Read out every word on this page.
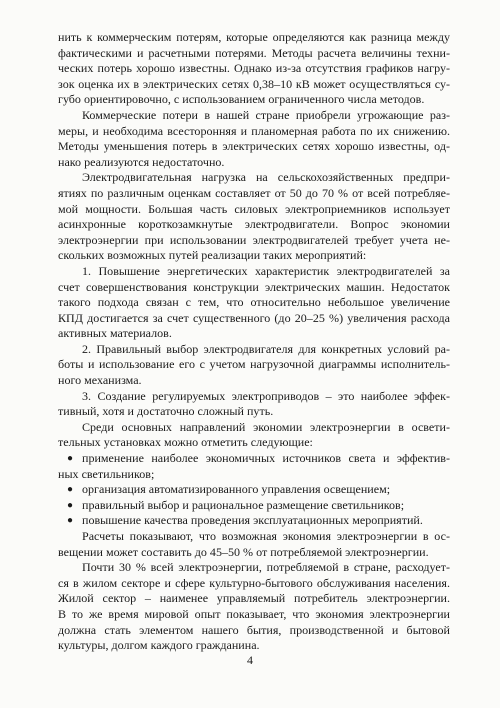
нить к коммерческим потерям, которые определяются как разница между
фактическими и расчетными потерями. Методы расчета величины техни-
ческих потерь хорошо известны. Однако из-за отсутствия графиков нагру-
зок оценка их в электрических сетях 0,38–10 кВ может осуществляться су-
губо ориентировочно, с использованием ограниченного числа методов.
Коммерческие потери в нашей стране приобрели угрожающие раз-
меры, и необходима всесторонняя и планомерная работа по их снижению.
Методы уменьшения потерь в электрических сетях хорошо известны, од-
нако реализуются недостаточно.
Электродвигательная нагрузка на сельскохозяйственных предпри-
ятиях по различным оценкам составляет от 50 до 70 % от всей потребляе-
мой мощности. Большая часть силовых электроприемников использует
асинхронные короткозамкнутые электродвигатели. Вопрос экономии
электроэнергии при использовании электродвигателей требует учета не-
скольких возможных путей реализации таких мероприятий:
1. Повышение энергетических характеристик электродвигателей за
счет совершенствования конструкции электрических машин. Недостаток
такого подхода связан с тем, что относительно небольшое увеличение
КПД достигается за счет существенного (до 20–25 %) увеличения расхода
активных материалов.
2. Правильный выбор электродвигателя для конкретных условий ра-
боты и использование его с учетом нагрузочной диаграммы исполнитель-
ного механизма.
3. Создание регулируемых электроприводов – это наиболее эффек-
тивный, хотя и достаточно сложный путь.
Среди основных направлений экономии электроэнергии в освети-
тельных установках можно отметить следующие:
● применение наиболее экономичных источников света и эффектив-
ных светильников;
● организация автоматизированного управления освещением;
● правильный выбор и рациональное размещение светильников;
● повышение качества проведения эксплуатационных мероприятий.
Расчеты показывают, что возможная экономия электроэнергии в ос-
вещении может составить до 45–50 % от потребляемой электроэнергии.
Почти 30 % всей электроэнергии, потребляемой в стране, расходует-
ся в жилом секторе и сфере культурно-бытового обслуживания населения.
Жилой сектор – наименее управляемый потребитель электроэнергии.
В то же время мировой опыт показывает, что экономия электроэнергии
должна стать элементом нашего бытия, производственной и бытовой
культуры, долгом каждого гражданина.
4
